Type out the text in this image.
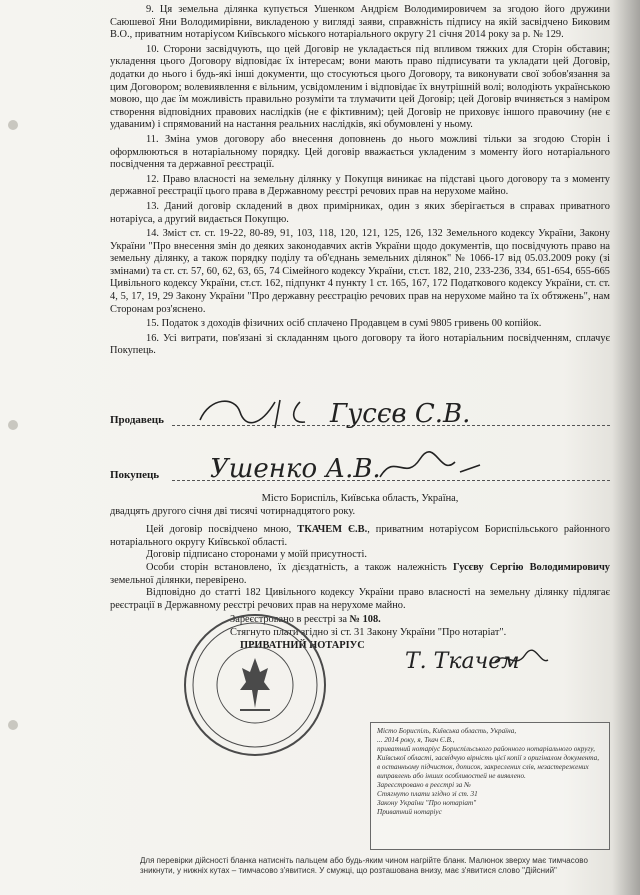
9. Ця земельна ділянка купується Ушенком Андрієм Володимировичем за згодою його дружини Саюшевої Яни Володимирівни, викладеною у вигляді заяви, справжність підпису на якій засвідчено Биковим В.О., приватним нотаріусом Київського міського нотаріального округу 21 січня 2014 року за р. № 129.

10. Сторони засвідчують, що цей Договір не укладається під впливом тяжких для Сторін обставин; укладення цього Договору відповідає їх інтересам; вони мають право підписувати та укладати цей Договір, додатки до нього і будь-які інші документи, що стосуються цього Договору, та виконувати свої зобов'язання за цим Договором; волевиявлення є вільним, усвідомленим і відповідає їх внутрішній волі; володіють українською мовою, що дає їм можливість правильно розуміти та тлумачити цей Договір; цей Договір вчиняється з наміром створення відповідних правових наслідків (не є фіктивним); цей Договір не приховує іншого правочину (не є удаваним) і спрямований на настання реальних наслідків, які обумовлені у ньому.

11. Зміна умов договору або внесення доповнень до нього можливі тільки за згодою Сторін і оформлюються в нотаріальному порядку. Цей договір вважається укладеним з моменту його нотаріального посвідчення та державної реєстрації.

12. Право власності на земельну ділянку у Покупця виникає на підставі цього договору та з моменту державної реєстрації цього права в Державному реєстрі речових прав на нерухоме майно.

13. Даний договір складений в двох примірниках, один з яких зберігається в справах приватного нотаріуса, а другий видається Покупцю.

14. Зміст ст. ст. 19-22, 80-89, 91, 103, 118, 120, 121, 125, 126, 132 Земельного кодексу України, Закону України "Про внесення змін до деяких законодавчих актів України щодо документів, що посвідчують право на земельну ділянку, а також порядку поділу та об'єднань земельних ділянок" № 1066-17 від 05.03.2009 року (зі змінами) та ст. ст. 57, 60, 62, 63, 65, 74 Сімейного кодексу України, ст.ст. 182, 210, 233-236, 334, 651-654, 655-665 Цивільного кодексу України, ст.ст. 162, підпункт 4 пункту 1 ст. 165, 167, 172 Податкового кодексу України, ст. ст. 4, 5, 17, 19, 29 Закону України "Про державну реєстрацію речових прав на нерухоме майно та їх обтяжень", нам Сторонам роз'яснено.

15. Податок з доходів фізичних осіб сплачено Продавцем в сумі 9805 гривень 00 копійок.

16. Усі витрати, пов'язані зі складанням цього договору та його нотаріальним посвідченням, сплачує Покупець.

Продавець	Гусєв С.В.
Покупець Ушенко А.В.

Місто Бориспіль, Київська область, Україна,

двадцять другого січня дві тисячі чотирнадцятого року.

Цей договір посвідчено мною, ТКАЧЕМ Є.В., приватним нотаріусом Бориспільського районного нотаріального округу Київської області.

Договір підписано сторонами у моїй присутності.

Особи сторін встановлено, їх дієздатність, а також належність Гусєву Сергію Володимировичу земельної ділянки, перевірено.

Відповідно до статті 182 Цивільного кодексу України право власності на земельну ділянку підлягає реєстрації в Державному реєстрі речових прав на нерухоме майно.

Зареєстровано в реєстрі за № 108.

Стягнуто плати згідно зі ст. 31 Закону України "Про нотаріат".

ПРИВАТНИЙ НОТАРІУС

Т. Ткачем

Місто Бориспіль, Київська область, Україна,

... 2014 року, я, Ткач Є.В.,

приватний нотаріус Бориспільського районного нотаріального округу,

Київської області, засвідчую вірність цієї копії з оригіналом документа,

в останньому підчисток, дописок, закреслених слів, незастережених

виправлень або інших особливостей не виявлено.

Зареєстровано в реєстрі за №

Стягнуто плати згідно зі ст. 31

Закону України "Про нотаріат"

Приватний нотаріус

Для перевірки дійсності бланка натисніть пальцем або будь-яким чином нагрійте бланк. Малюнок зверху має тимчасово зникнути, у нижніх кутах – тимчасово з'явитися. У смужці, що розташована внизу, має з'явитися слово "Дійсний"
